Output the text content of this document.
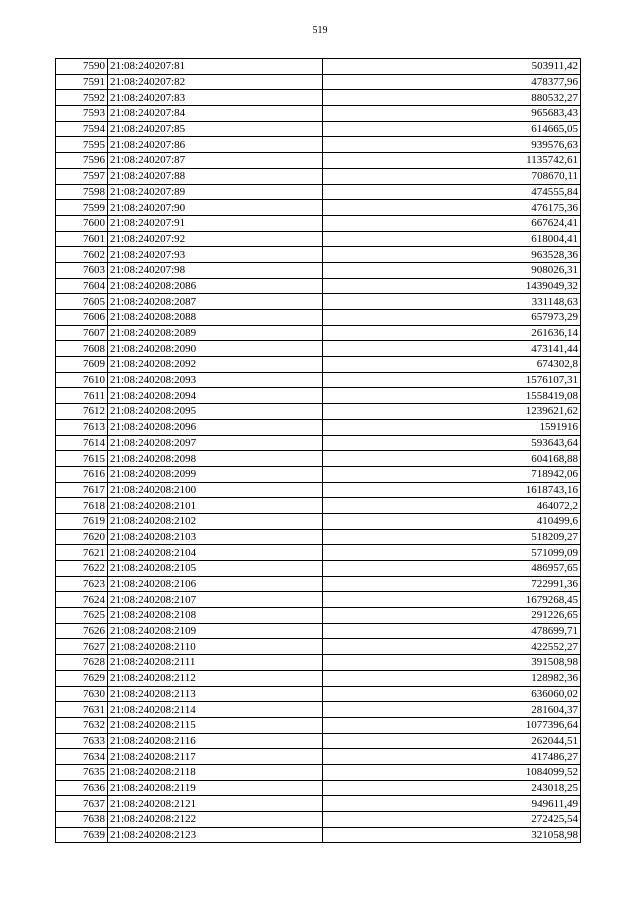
519
7590	21:08:240207:81	503911,42
7591	21:08:240207:82	478377,96
7592	21:08:240207:83	880532,27
7593	21:08:240207:84	965683,43
7594	21:08:240207:85	614665,05
7595	21:08:240207:86	939576,63
7596	21:08:240207:87	1135742,61
7597	21:08:240207:88	708670,11
7598	21:08:240207:89	474555,84
7599	21:08:240207:90	476175,36
7600	21:08:240207:91	667624,41
7601	21:08:240207:92	618004,41
7602	21:08:240207:93	963528,36
7603	21:08:240207:98	908026,31
7604	21:08:240208:2086	1439049,32
7605	21:08:240208:2087	331148,63
7606	21:08:240208:2088	657973,29
7607	21:08:240208:2089	261636,14
7608	21:08:240208:2090	473141,44
7609	21:08:240208:2092	674302,8
7610	21:08:240208:2093	1576107,31
7611	21:08:240208:2094	1558419,08
7612	21:08:240208:2095	1239621,62
7613	21:08:240208:2096	1591916
7614	21:08:240208:2097	593643,64
7615	21:08:240208:2098	604168,88
7616	21:08:240208:2099	718942,06
7617	21:08:240208:2100	1618743,16
7618	21:08:240208:2101	464072,2
7619	21:08:240208:2102	410499,6
7620	21:08:240208:2103	518209,27
7621	21:08:240208:2104	571099,09
7622	21:08:240208:2105	486957,65
7623	21:08:240208:2106	722991,36
7624	21:08:240208:2107	1679268,45
7625	21:08:240208:2108	291226,65
7626	21:08:240208:2109	478699,71
7627	21:08:240208:2110	422552,27
7628	21:08:240208:2111	391508,98
7629	21:08:240208:2112	128982,36
7630	21:08:240208:2113	636060,02
7631	21:08:240208:2114	281604,37
7632	21:08:240208:2115	1077396,64
7633	21:08:240208:2116	262044,51
7634	21:08:240208:2117	417486,27
7635	21:08:240208:2118	1084099,52
7636	21:08:240208:2119	243018,25
7637	21:08:240208:2121	949611,49
7638	21:08:240208:2122	272425,54
7639	21:08:240208:2123	321058,98
